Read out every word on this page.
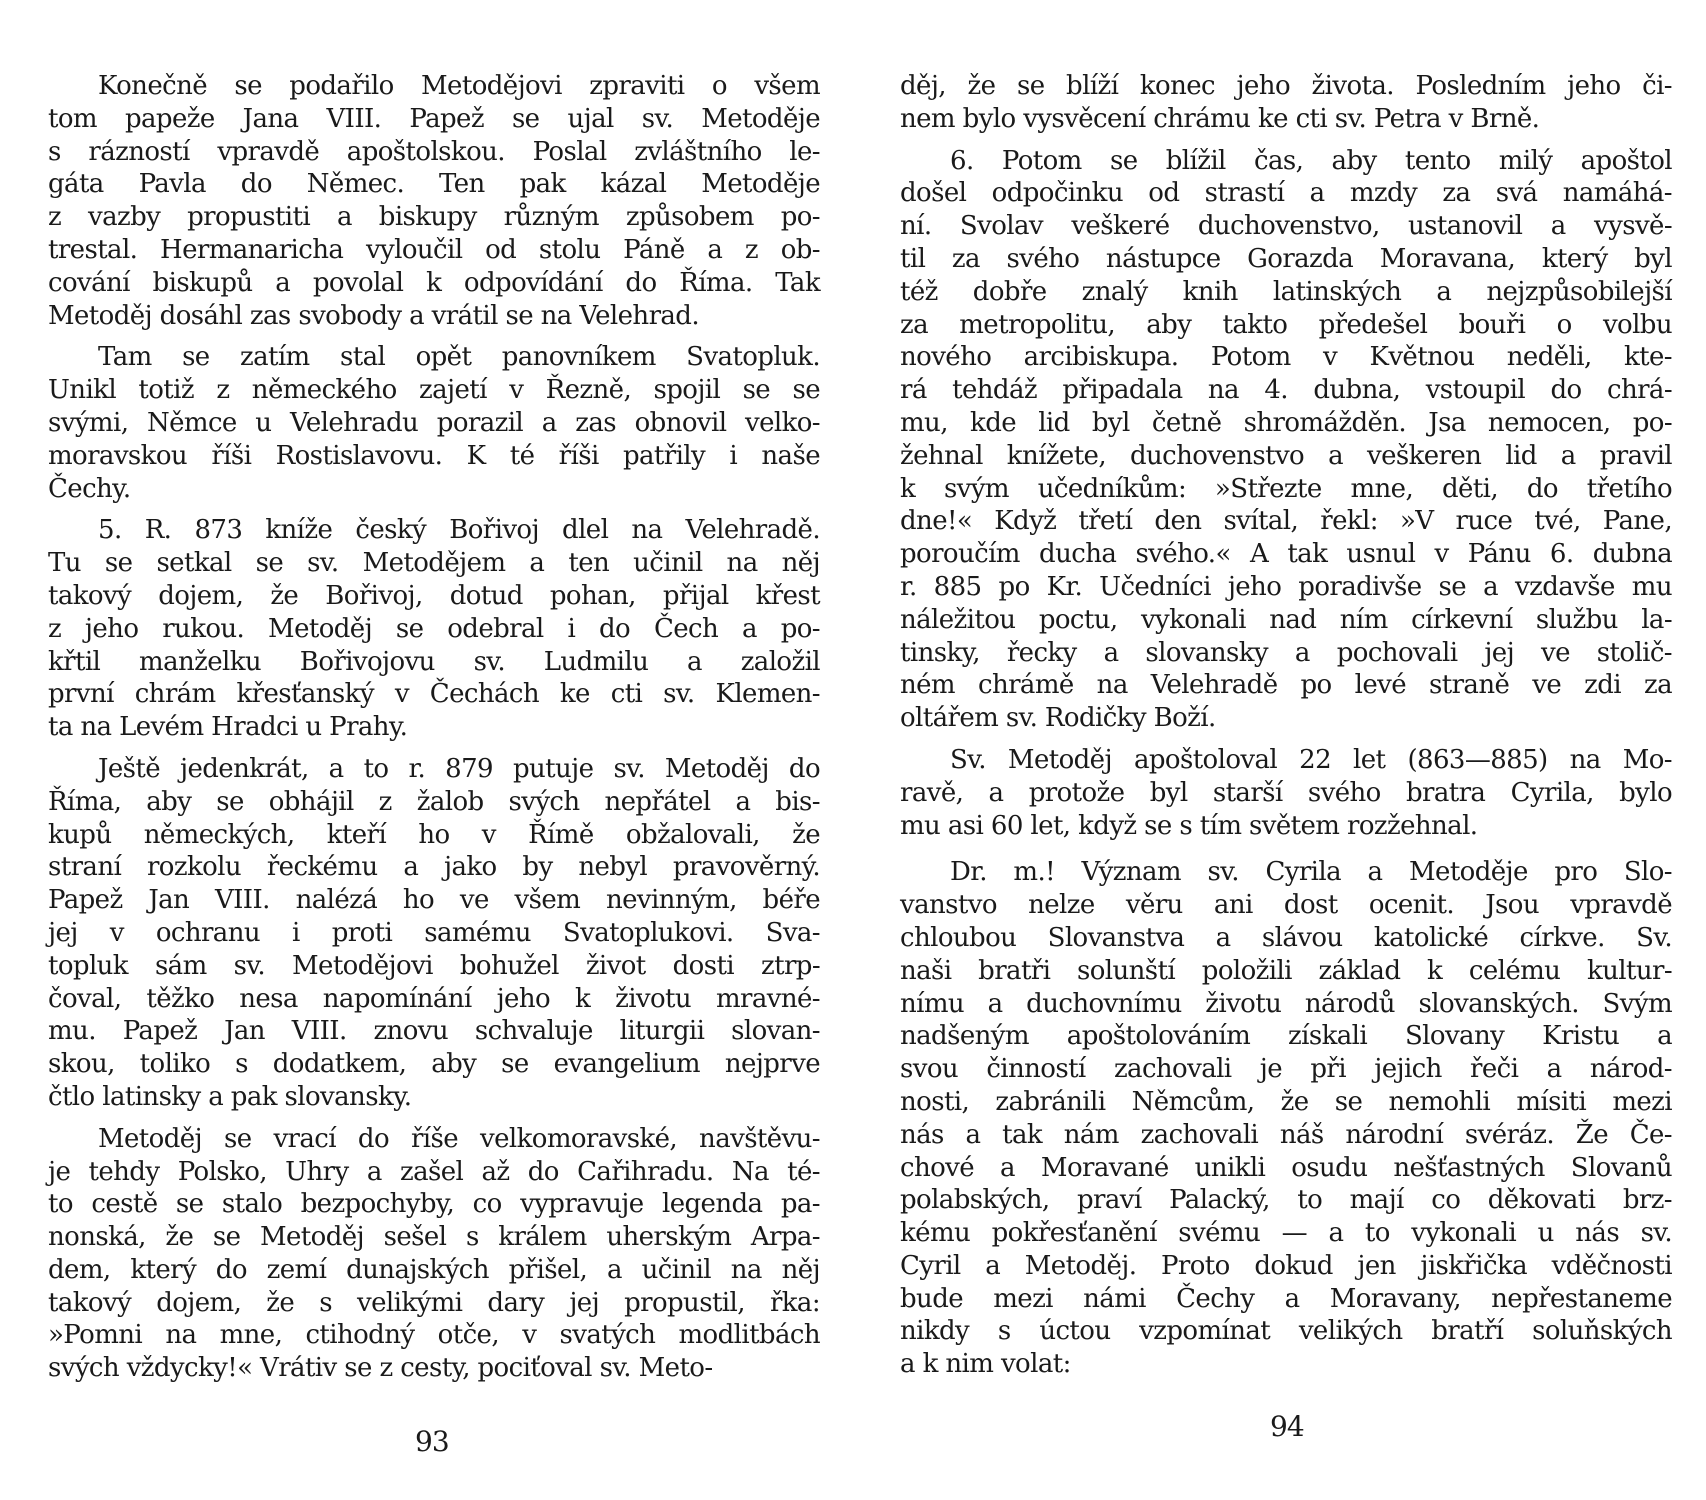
Konečně se podařilo Metodějovi zpraviti o všem
tom papeže Jana VIII. Papež se ujal sv. Metoděje
s rázností vpravdě apoštolskou. Poslal zvláštního le-
gáta Pavla do Němec. Ten pak kázal Metoděje
z vazby propustiti a biskupy různým způsobem po-
trestal. Hermanaricha vyloučil od stolu Páně a z ob-
cování biskupů a povolal k odpovídání do Říma. Tak
Metoděj dosáhl zas svobody a vrátil se na Velehrad.
Tam se zatím stal opět panovníkem Svatopluk.
Unikl totiž z německého zajetí v Řezně, spojil se se
svými, Němce u Velehradu porazil a zas obnovil velko-
moravskou říši Rostislavovu. K té říši patřily i naše
Čechy.
5. R. 873 kníže český Bořivoj dlel na Velehradě.
Tu se setkal se sv. Metodějem a ten učinil na něj
takový dojem, že Bořivoj, dotud pohan, přijal křest
z jeho rukou. Metoděj se odebral i do Čech a po-
křtil manželku Bořivojovu sv. Ludmilu a založil
první chrám křesťanský v Čechách ke cti sv. Klemen-
ta na Levém Hradci u Prahy.
Ještě jedenkrát, a to r. 879 putuje sv. Metoděj do
Říma, aby se obhájil z žalob svých nepřátel a bis-
kupů německých, kteří ho v Římě obžalovali, že
straní rozkolu řeckému a jako by nebyl pravověrný.
Papež Jan VIII. nalézá ho ve všem nevinným, béře
jej v ochranu i proti samému Svatoplukovi. Sva-
topluk sám sv. Metodějovi bohužel život dosti ztrp-
čoval, těžko nesa napomínání jeho k životu mravné-
mu. Papež Jan VIII. znovu schvaluje liturgii slovan-
skou, toliko s dodatkem, aby se evangelium nejprve
čtlo latinsky a pak slovansky.
Metoděj se vrací do říše velkomoravské, navštěvu-
je tehdy Polsko, Uhry a zašel až do Cařihradu. Na té-
to cestě se stalo bezpochyby, co vypravuje legenda pa-
nonská, že se Metoděj sešel s králem uherským Arpa-
dem, který do zemí dunajských přišel, a učinil na něj
takový dojem, že s velikými dary jej propustil, řka:
»Pomni na mne, ctihodný otče, v svatých modlitbách
svých vždycky!« Vrátiv se z cesty, pociťoval sv. Meto-
děj, že se blíží konec jeho života. Posledním jeho či-
nem bylo vysvěcení chrámu ke cti sv. Petra v Brně.
6. Potom se blížil čas, aby tento milý apoštol
došel odpočinku od strastí a mzdy za svá namáhá-
ní. Svolav veškeré duchovenstvo, ustanovil a vysvě-
til za svého nástupce Gorazda Moravana, který byl
též dobře znalý knih latinských a nejzpůsobilejší
za metropolitu, aby takto předešel bouři o volbu
nového arcibiskupa. Potom v Květnou neděli, kte-
rá tehdáž připadala na 4. dubna, vstoupil do chrá-
mu, kde lid byl četně shromážděn. Jsa nemocen, po-
žehnal knížete, duchovenstvo a veškeren lid a pravil
k svým učedníkům: »Střezte mne, děti, do třetího
dne!« Když třetí den svítal, řekl: »V ruce tvé, Pane,
poroučím ducha svého.« A tak usnul v Pánu 6. dubna
r. 885 po Kr. Učedníci jeho poradivše se a vzdavše mu
náležitou poctu, vykonali nad ním církevní službu la-
tinsky, řecky a slovansky a pochovali jej ve stolič-
ném chrámě na Velehradě po levé straně ve zdi za
oltářem sv. Rodičky Boží.
Sv. Metoděj apoštoloval 22 let (863—885) na Mo-
ravě, a protože byl starší svého bratra Cyrila, bylo
mu asi 60 let, když se s tím světem rozžehnal.
Dr. m.! Význam sv. Cyrila a Metoděje pro Slo-
vanstvo nelze věru ani dost ocenit. Jsou vpravdě
chloubou Slovanstva a slávou katolické církve. Sv.
naši bratři solunští položili základ k celému kultur-
nímu a duchovnímu životu národů slovanských. Svým
nadšeným apoštolováním získali Slovany Kristu a
svou činností zachovali je při jejich řeči a národ-
nosti, zabránili Němcům, že se nemohli mísiti mezi
nás a tak nám zachovali náš národní svéráz. Že Če-
chové a Moravané unikli osudu nešťastných Slovanů
polabských, praví Palacký, to mají co děkovati brz-
kému pokřesťanění svému — a to vykonali u nás sv.
Cyril a Metoděj. Proto dokud jen jiskřička vděčnosti
bude mezi námi Čechy a Moravany, nepřestaneme
nikdy s úctou vzpomínat velikých bratří soluňských
a k nim volat:
93	94
